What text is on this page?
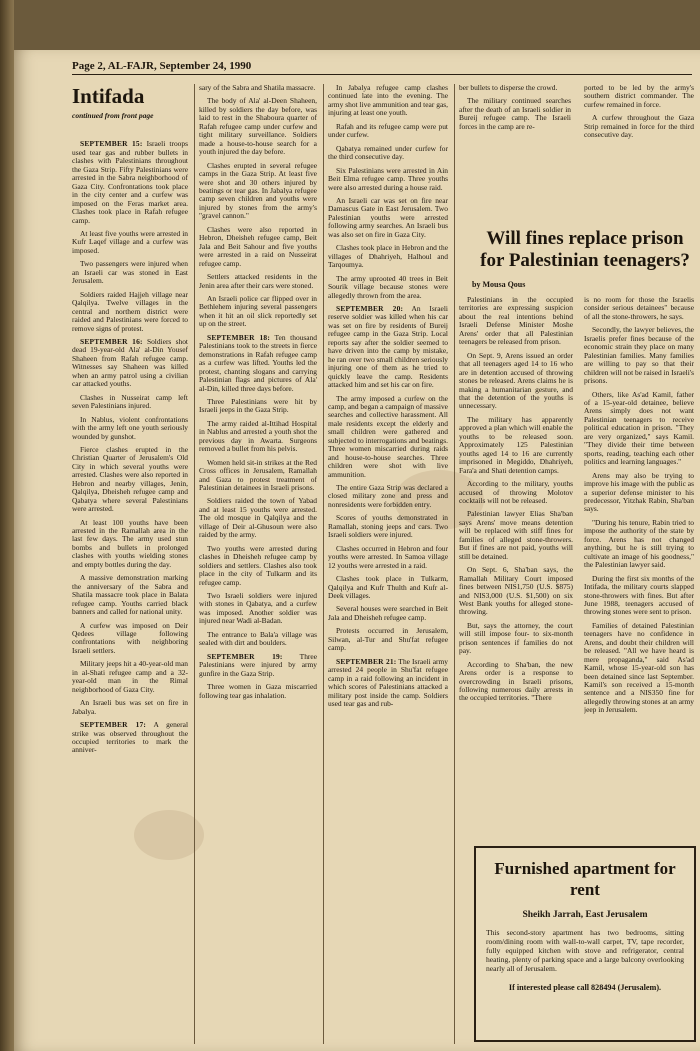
Page 2, AL-FAJR, September 24, 1990
Intifada
continued from front page

SEPTEMBER 15: Israeli troops used tear gas and rubber bullets in clashes with Palestinians throughout the Gaza Strip. Fifty Palestinians were arrested in the Sabra neighborhood of Gaza City. Confrontations took place in the city center and a curfew was imposed on the Feras market area. Clashes took place in Rafah refugee camp.

At least five youths were arrested in Kufr Laqef village and a curfew was imposed.

Two passengers were injured when an Israeli car was stoned in East Jerusalem.

Soldiers raided Hajjeh village near Qalqilya. Twelve villages in the central and northern district were raided and Palestinians were forced to remove signs of protest.

SEPTEMBER 16: Soldiers shot dead 19-year-old Ala' al-Din Yousef Shaheen from Rafah refugee camp. Witnesses say Shaheen was killed when an army patrol using a civilian car attacked youths.

Clashes in Nusseirat camp left seven Palestinians injured.

In Nablus, violent confrontations with the army left one youth seriously wounded by gunshot.

Fierce clashes erupted in the Christian Quarter of Jerusalem's Old City in which several youths were arrested. Clashes were also reported in Hebron and nearby villages, Jenin, Qalqilya, Dheisheh refugee camp and Qabatya where several Palestinians were arrested.

At least 100 youths have been arrested in the Ramallah area in the last few days. The army used stun bombs and bullets in prolonged clashes with youths wielding stones and empty bottles during the day.

A massive demonstration marking the anniversary of the Sabra and Shatila massacre took place in Balata refugee camp. Youths carried black banners and called for national unity.

A curfew was imposed on Deir Qedees village following confrontations with neighboring Israeli settlers.

Military jeeps hit a 40-year-old man in al-Shati refugee camp and a 32-year-old man in the Rimal neighborhood of Gaza City.

An Israeli bus was set on fire in Jabalya.

SEPTEMBER 17: A general strike was observed throughout the occupied territories to mark the anniver-

sary of the Sabra and Shatila massacre.

The body of Ala' al-Deen Shaheen, killed by soldiers the day before, was laid to rest in the Shaboura quarter of Rafah refugee camp under curfew and tight military surveillance. Soldiers made a house-to-house search for a youth injured the day before.

Clashes erupted in several refugee camps in the Gaza Strip. At least five were shot and 30 others injured by beatings or tear gas. In Jabalya refugee camp seven children and youths were injured by stones from the army's "gravel cannon."

Clashes were also reported in Hebron, Dheisheh refugee camp, Beit Jala and Beit Sahour and five youths were arrested in a raid on Nusseirat refugee camp.

Settlers attacked residents in the Jenin area after their cars were stoned.

An Israeli police car flipped over in Bethlehem injuring several passengers when it hit an oil slick reportedly set up on the street.

SEPTEMBER 18: Ten thousand Palestinians took to the streets in fierce demonstrations in Rafah refugee camp as a curfew was lifted. Youths led the protest, chanting slogans and carrying Palestinian flags and pictures of Ala' al-Din, killed three days before.

Three Palestinians were hit by Israeli jeeps in the Gaza Strip.

The army raided al-Ittihad Hospital in Nablus and arrested a youth shot the previous day in Awarta. Surgeons removed a bullet from his pelvis.

Women held sit-in strikes at the Red Cross offices in Jerusalem, Ramallah and Gaza to protest treatment of Palestinian detainees in Israeli prisons.

Soldiers raided the town of Yabad and at least 15 youths were arrested. The old mosque in Qalqilya and the village of Deir al-Ghusoun were also raided by the army.

Two youths were arrested during clashes in Dheisheh refugee camp by soldiers and settlers. Clashes also took place in the city of Tulkarm and its refugee camp.

Two Israeli soldiers were injured with stones in Qabatya, and a curfew was imposed. Another soldier was injured near Wadi al-Badan.

The entrance to Bala'a village was sealed with dirt and boulders.

SEPTEMBER 19: Three Palestinians were injured by army gunfire in the Gaza Strip.

Three women in Gaza miscarried following tear gas inhalation.

In Jabalya refugee camp clashes continued late into the evening. The army shot live ammunition and tear gas, injuring at least one youth.

Rafah and its refugee camp were put under curfew.

Qabatya remained under curfew for the third consecutive day.

Six Palestinians were arrested in Ain Beit Elma refugee camp. Three youths were also arrested during a house raid.

An Israeli car was set on fire near Damascus Gate in East Jerusalem. Two Palestinian youths were arrested following army searches. An Israeli bus was also set on fire in Gaza City.

Clashes took place in Hebron and the villages of Dhahriyeh, Halhoul and Tarqoumya.

The army uprooted 40 trees in Beit Sourik village because stones were allegedly thrown from the area.

SEPTEMBER 20: An Israeli reserve soldier was killed when his car was set on fire by residents of Bureij refugee camp in the Gaza Strip. Local reports say after the soldier seemed to have driven into the camp by mistake, he ran over two small children seriously injuring one of them as he tried to quickly leave the camp. Residents attacked him and set his car on fire.

The army imposed a curfew on the camp, and began a campaign of massive searches and collective harassment. All male residents except the elderly and small children were gathered and subjected to interrogations and beatings. Three women miscarried during raids and house-to-house searches. Three children were shot with live ammunition.

The entire Gaza Strip was declared a closed military zone and press and nonresidents were forbidden entry.

Scores of youths demonstrated in Ramallah, stoning jeeps and cars. Two Israeli soldiers were injured.

Clashes occurred in Hebron and four youths were arrested. In Samoa village 12 youths were arrested in a raid.

Clashes took place in Tulkarm, Qalqilya and Kufr Thulth and Kufr al-Deek villages.

Several houses were searched in Beit Jala and Dheisheh refugee camp.

Protests occurred in Jerusalem, Silwan, al-Tur and Shu'fat refugee camp.

SEPTEMBER 21: The Israeli army arrested 24 people in Shu'fat refugee camp in a raid following an incident in which scores of Palestinians attacked a military post inside the camp. Soldiers used tear gas and rub-

ber bullets to disperse the crowd.

The military continued searches after the death of an Israeli soldier in Bureij refugee camp. The Israeli forces in the camp are re-

ported to be led by the army's southern district commander. The curfew remained in force.

A curfew throughout the Gaza Strip remained in force for the third consecutive day.

Will fines replace prison for Palestinian teenagers?
by Mousa Qous

Palestinians in the occupied territories are expressing suspicion about the real intentions behind Israeli Defense Minister Moshe Arens' order that all Palestinian teenagers be released from prison.

On Sept. 9, Arens issued an order that all teenagers aged 14 to 16 who are in detention accused of throwing stones be released. Arens claims he is making a humanitarian gesture, and that the detention of the youths is unnecessary.

The military has apparently approved a plan which will enable the youths to be released soon. Approximately 125 Palestinian youths aged 14 to 16 are currently imprisoned in Megiddo, Dhahriyeh, Fara'a and Shati detention camps.

According to the military, youths accused of throwing Molotov cocktails will not be released.

Palestinian lawyer Elias Sha'ban says Arens' move means detention will be replaced with stiff fines for families of alleged stone-throwers. But if fines are not paid, youths will still be detained.

On Sept. 6, Sha'ban says, the Ramallah Military Court imposed fines between NIS1,750 (U.S. $875) and NIS3,000 (U.S. $1,500) on six West Bank youths for alleged stone-throwing.

But, says the attorney, the court will still impose four- to six-month prison sentences if families do not pay.

According to Sha'ban, the new Arens order is a response to overcrowding in Israeli prisons, following numerous daily arrests in the occupied territories. "There

is no room for those the Israelis consider serious detainees" because of all the stone-throwers, he says.

Secondly, the lawyer believes, the Israelis prefer fines because of the economic strain they place on many Palestinian families. Many families are willing to pay so that their children will not be raised in Israeli's prisons.

Others, like As'ad Kamil, father of a 15-year-old detainee, believe Arens simply does not want Palestinian teenagers to receive political education in prison. "They are very organized," says Kamil. "They divide their time between sports, reading, teaching each other politics and learning languages."

Arens may also be trying to improve his image with the public as a superior defense minister to his predecessor, Yitzhak Rabin, Sha'ban says.

"During his tenure, Rabin tried to impose the authority of the state by force. Arens has not changed anything, but he is still trying to cultivate an image of his goodness," the Palestinian lawyer said.

During the first six months of the Intifada, the military courts slapped stone-throwers with fines. But after June 1988, teenagers accused of throwing stones were sent to prison.

Families of detained Palestinian teenagers have no confidence in Arens, and doubt their children will be released. "All we have heard is mere propaganda," said As'ad Kamil, whose 15-year-old son has been detained since last September. Kamil's son received a 15-month sentence and a NIS350 fine for allegedly throwing stones at an army jeep in Jerusalem.

Furnished apartment for rent
Sheikh Jarrah, East Jerusalem

This second-story apartment has two bedrooms, sitting room/dining room with wall-to-wall carpet, TV, tape recorder, fully equipped kitchen with stove and refrigerator, central heating, plenty of parking space and a large balcony overlooking nearly all of Jerusalem.

If interested please call 828494 (Jerusalem).
